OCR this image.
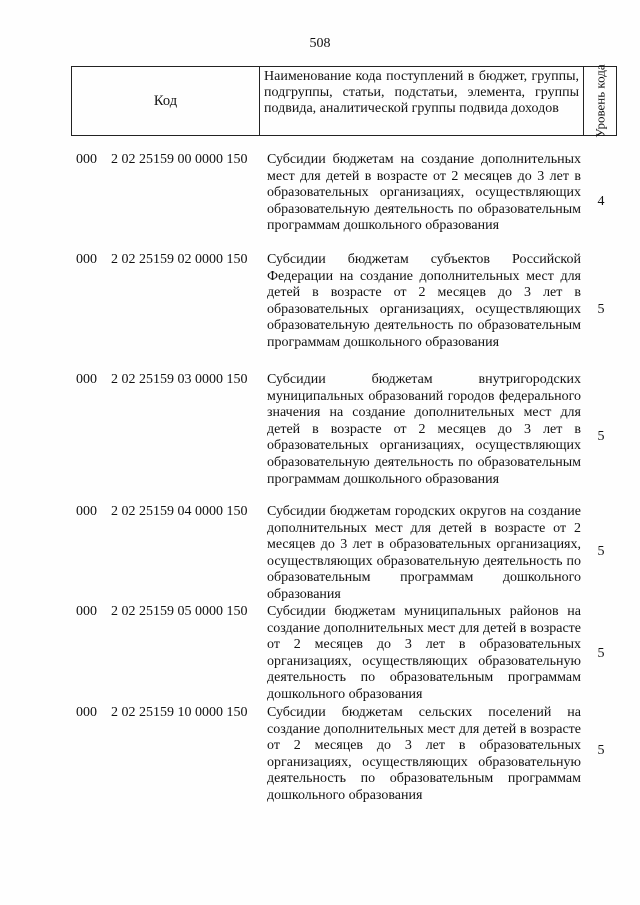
508
Код
Наименование кода поступлений в бюджет, группы, подгруппы, статьи, подстатьи, элемента, группы подвида, аналитической группы подвида доходов	Уровень кода
000 2 02 25159 00 0000 150 Субсидии бюджетам на создание дополнительных мест для детей в возрасте от 2 месяцев до 3 лет в образовательных организациях, осуществляющих образовательную деятельность по образовательным программам дошкольного образования
4
000 2 02 25159 02 0000 150 Субсидии бюджетам субъектов Российской Федерации на создание дополнительных мест для детей в возрасте от 2 месяцев до 3 лет в образовательных организациях, осуществляющих образовательную деятельность по образовательным программам дошкольного образования
5
000 2 02 25159 03 0000 150 Субсидии бюджетам внутригородских муниципальных образований городов федерального значения на создание дополнительных мест для детей в возрасте от 2 месяцев до 3 лет в образовательных организациях, осуществляющих образовательную деятельность по образовательным программам дошкольного образования
5
000 2 02 25159 04 0000 150 Субсидии бюджетам городских округов на создание дополнительных мест для детей в возрасте от 2 месяцев до 3 лет в образовательных организациях, осуществляющих образовательную деятельность по образовательным программам дошкольного образования
5
000 2 02 25159 05 0000 150 Субсидии бюджетам муниципальных районов на создание дополнительных мест для детей в возрасте от 2 месяцев до 3 лет в образовательных организациях, осуществляющих образовательную деятельность по образовательным программам дошкольного образования
5
000 2 02 25159 10 0000 150 Субсидии бюджетам сельских поселений на создание дополнительных мест для детей в возрасте от 2 месяцев до 3 лет в образовательных организациях, осуществляющих образовательную деятельность по образовательным программам дошкольного образования
5
